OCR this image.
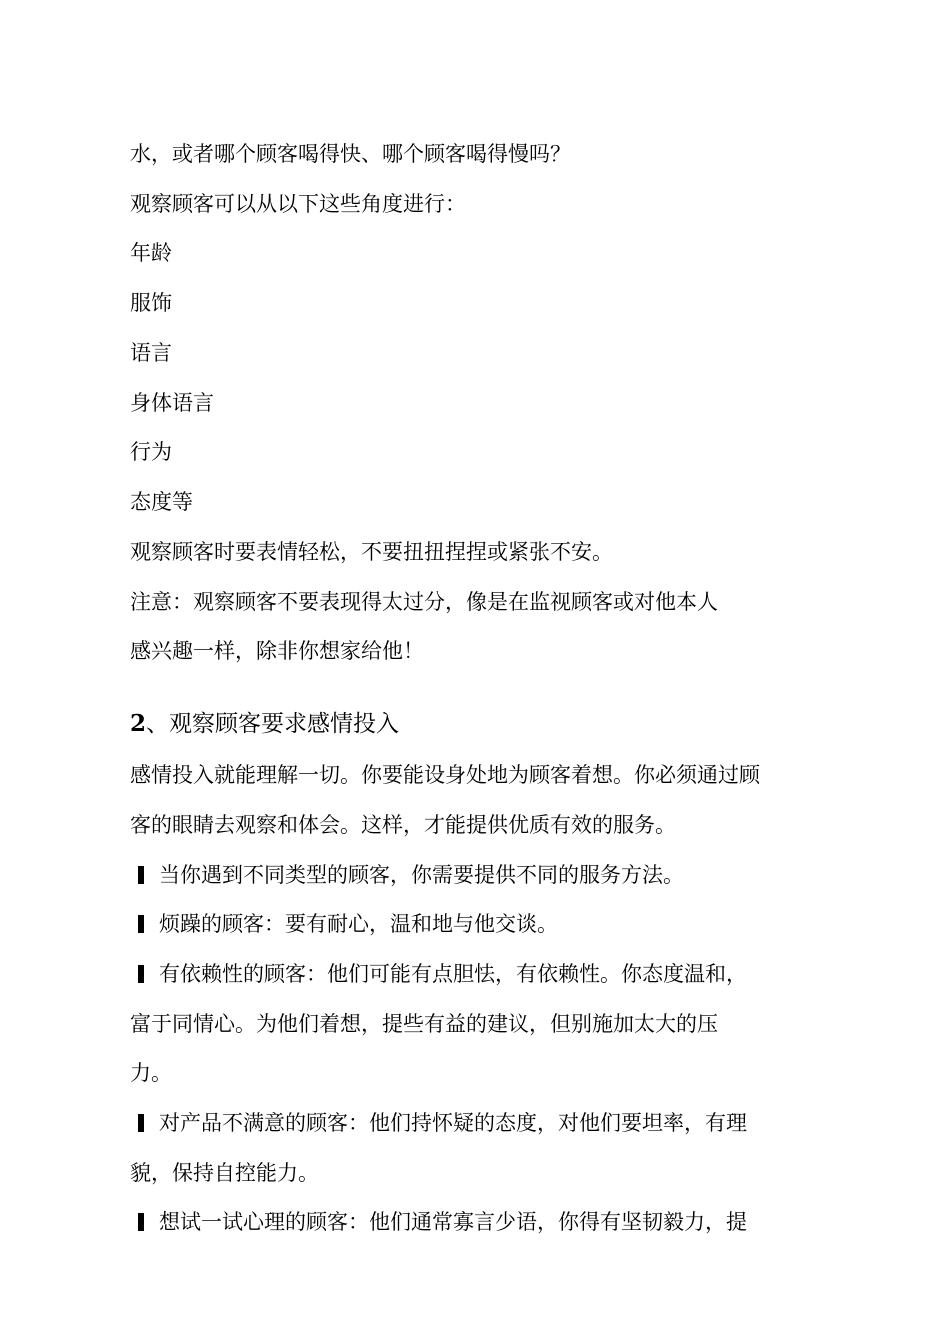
水，或者哪个顾客喝得快、哪个顾客喝得慢吗？
观察顾客可以从以下这些角度进行：
年龄
服饰
语言
身体语言
行为
态度等
观察顾客时要表情轻松，不要扭扭捏捏或紧张不安。
注意：观察顾客不要表现得太过分，像是在监视顾客或对他本人
感兴趣一样，除非你想家给他！
2、观察顾客要求感情投入
感情投入就能理解一切。你要能设身处地为顾客着想。你必须通过顾
客的眼睛去观察和体会。这样，才能提供优质有效的服务。
当你遇到不同类型的顾客，你需要提供不同的服务方法。
烦躁的顾客：要有耐心，温和地与他交谈。
有依赖性的顾客：他们可能有点胆怯，有依赖性。你态度温和，
富于同情心。为他们着想，提些有益的建议，但别施加太大的压
力。
对产品不满意的顾客：他们持怀疑的态度，对他们要坦率，有理
貌，保持自控能力。
想试一试心理的顾客：他们通常寡言少语，你得有坚韧毅力，提
